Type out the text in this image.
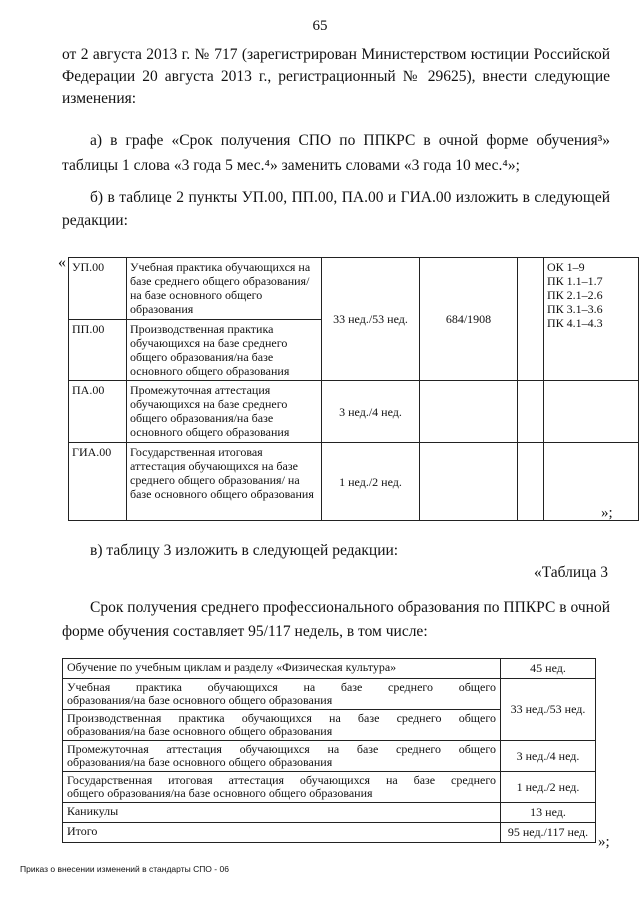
65
от 2 августа 2013 г. № 717 (зарегистрирован Министерством юстиции Российской
Федерации 20 августа 2013 г., регистрационный № 29625), внести следующие
изменения:
а) в графе «Срок получения СПО по ППКРС в очной форме обучения³»
таблицы 1 слова «3 года 5 мес.⁴» заменить словами «3 года 10 мес.⁴»;
б) в таблице 2 пункты УП.00, ПП.00, ПА.00 и ГИА.00 изложить в следующей
редакции:
« УП.00	Учебная практика обучающихся на базе среднего общего образования/на базе основного общего образования	33 нед./53 нед.	684/1908		ОК 1–9
ПК 1.1–1.7
ПК 2.1–2.6
ПК 3.1–3.6
ПК 4.1–4.3

ПП.00	Производственная практика обучающихся на базе среднего общего образования/на базе основного общего образования				
ПА.00	Промежуточная аттестация обучающихся на базе среднего общего образования/на базе основного общего образования	3 нед./4 нед.			
ГИА.00	Государственная итоговая аттестация обучающихся на базе среднего общего образования/ на базе основного общего образования	1 нед./2 нед.			
»;
в) таблицу 3 изложить в следующей редакции:
«Таблица 3
Срок получения среднего профессионального образования по ППКРС в очной
форме обучения составляет 95/117 недель, в том числе:
Обучение по учебным циклам и разделу «Физическая культура»	45 нед.

Учебная практика обучающихся на базе среднего общего
образования/на базе основного общего образования	33 нед./53 нед.

Производственная практика обучающихся на базе среднего общего
образования/на базе основного общего образования	

Промежуточная аттестация обучающихся на базе среднего общего
образования/на базе основного общего образования	3 нед./4 нед.

Государственная итоговая аттестация обучающихся на базе среднего
общего образования/на базе основного общего образования	1 нед./2 нед.
Каникулы	13 нед.
Итого	95 нед./117 нед.
»;
Приказ о внесении изменений в стандарты СПО - 06
